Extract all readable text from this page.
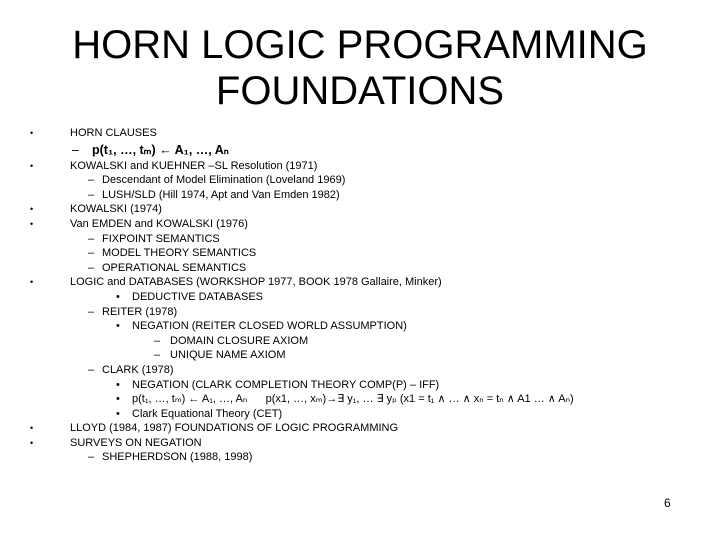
HORN LOGIC PROGRAMMING
FOUNDATIONS
•	HORN CLAUSES
– p(t₁, …, tₘ) ← A₁, …, Aₙ
•	KOWALSKI and KUEHNER –SL Resolution (1971)
– Descendant of Model Elimination (Loveland 1969)
– LUSH/SLD (Hill 1974, Apt and Van Emden 1982)
•	KOWALSKI (1974)
•	Van EMDEN and KOWALSKI (1976)
– FIXPOINT SEMANTICS
– MODEL THEORY SEMANTICS
– OPERATIONAL SEMANTICS
•	LOGIC and DATABASES (WORKSHOP 1977, BOOK 1978 Gallaire, Minker)
• DEDUCTIVE DATABASES
– REITER (1978)
• NEGATION (REITER CLOSED WORLD ASSUMPTION)
– DOMAIN CLOSURE AXIOM
– UNIQUE NAME AXIOM
– CLARK (1978)
• NEGATION (CLARK COMPLETION THEORY COMP(P) – IFF)
• p(t₁, …, tₘ) ← A₁, …, Aₙ      p(x1, …, xₘ)→∃ y₁, … ∃ yₚ (x1 = t₁ ∧ … ∧ xₙ = tₙ ∧ A1 … ∧ Aₙ)
• Clark Equational Theory (CET)
•	LLOYD (1984, 1987) FOUNDATIONS OF LOGIC PROGRAMMING
•	SURVEYS ON NEGATION
– SHEPHERDSON (1988, 1998)
6
